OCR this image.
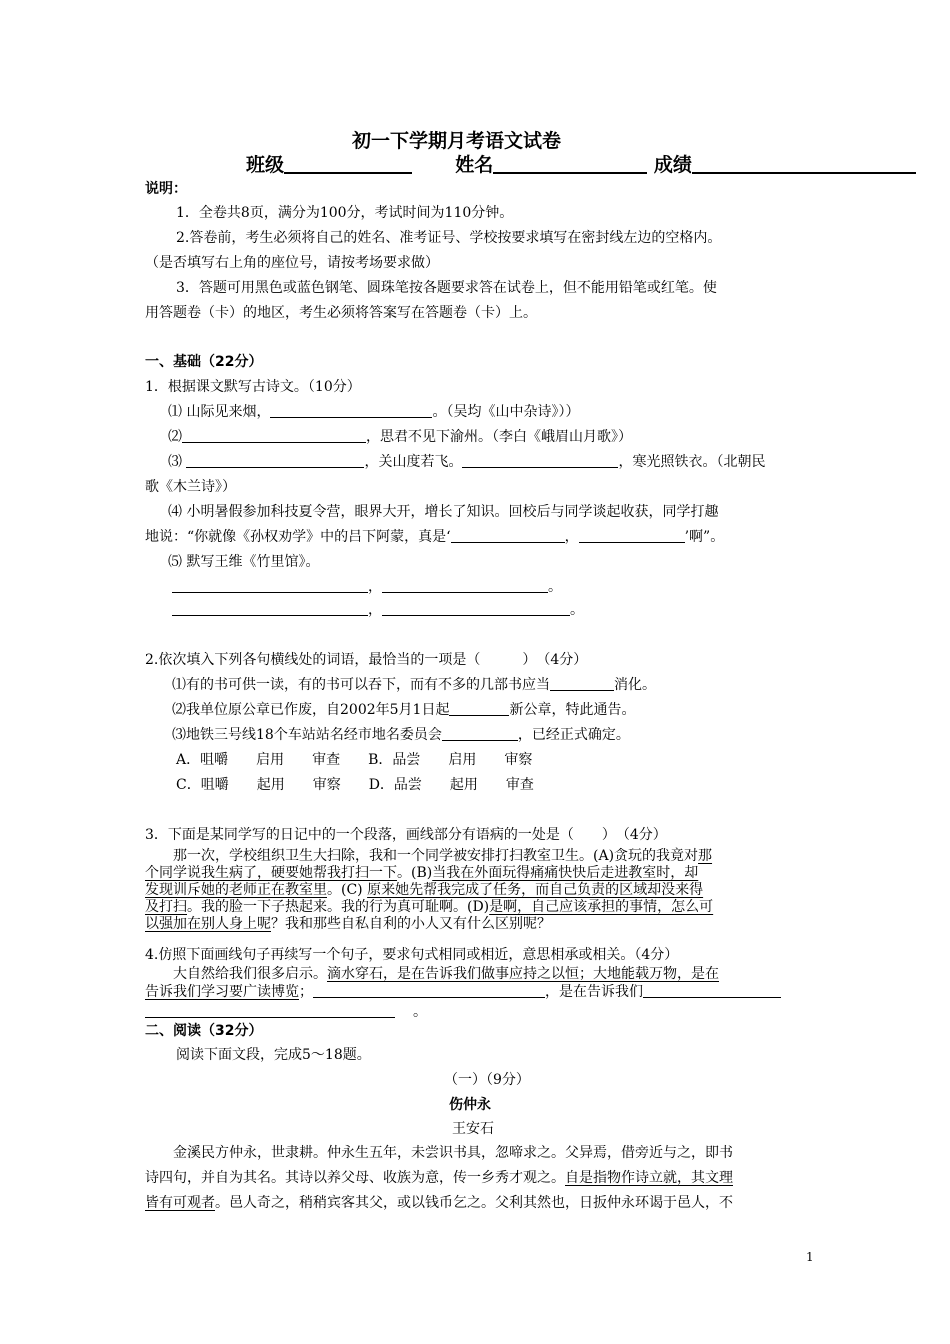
初一下学期月考语文试卷
班级	姓名	成绩
说明：
1．全卷共8页，满分为100分，考试时间为110分钟。
2.答卷前，考生必须将自己的姓名、准考证号、学校按要求填写在密封线左边的空格内。
（是否填写右上角的座位号，请按考场要求做）
3．答题可用黑色或蓝色钢笔、圆珠笔按各题要求答在试卷上，但不能用铅笔或红笔。使
用答题卷（卡）的地区，考生必须将答案写在答题卷（卡）上。
一、基础（22分）
1．根据课文默写古诗文。（10分）
⑴ 山际见来烟，	。（吴均《山中杂诗》））
⑵	，思君不见下渝州。（李白《峨眉山月歌》）
⑶	，关山度若飞。	，寒光照铁衣。（北朝民
歌《木兰诗》）
⑷ 小明暑假参加科技夏令营，眼界大开，增长了知识。回校后与同学谈起收获，同学打趣
地说：“你就像《孙权劝学》中的吕下阿蒙，真是‘	，	’啊”。
⑸ 默写王维《竹里馆》。
，	。
，	。
2.依次填入下列各句横线处的词语，最恰当的一项是（　　　）　（4分）
⑴有的书可供一读，有的书可以吞下，而有不多的几部书应当	消化。
⑵我单位原公章已作废，自2002年5月1日起	新公章，特此通告。
⑶地铁三号线18个车站站名经市地名委员会	，已经正式确定。
A．咀嚼　　启用　　审查　　B．品尝　　启用　　审察
C．咀嚼　　起用　　审察　　D．品尝　　起用　　审查
3．下面是某同学写的日记中的一个段落，画线部分有语病的一处是（　　）　（4分）
　　那一次，学校组织卫生大扫除，我和一个同学被安排打扫教室卫生。(A)贪玩的我竟对那
个同学说我生病了，硬要她帮我打扫一下。(B)当我在外面玩得痛痛快快后走进教室时，却
发现训斥她的老师正在教室里。(C) 原来她先帮我完成了任务，而自己负责的区域却没来得
及打扫。我的脸一下子热起来。我的行为真可耻啊。(D)是啊，自己应该承担的事情，怎么可
以强加在别人身上呢？我和那些自私自利的小人又有什么区别呢？
4.仿照下面画线句子再续写一个句子，要求句式相同或相近，意思相承或相关。（4分）
　　大自然给我们很多启示。滴水穿石，是在告诉我们做事应持之以恒；大地能载万物，是在
告诉我们学习要广读博览；	，是在告诉我们
。
二、阅读（32分）
阅读下面文段，完成5～18题。
（一）（9分）
伤仲永
王安石
　　金溪民方仲永，世隶耕。仲永生五年，未尝识书具，忽啼求之。父异焉，借旁近与之，即书
诗四句，并自为其名。其诗以养父母、收族为意，传一乡秀才观之。自是指物作诗立就，其文理
皆有可观者。邑人奇之，稍稍宾客其父，或以钱币乞之。父利其然也，日扳仲永环谒于邑人，不
1
